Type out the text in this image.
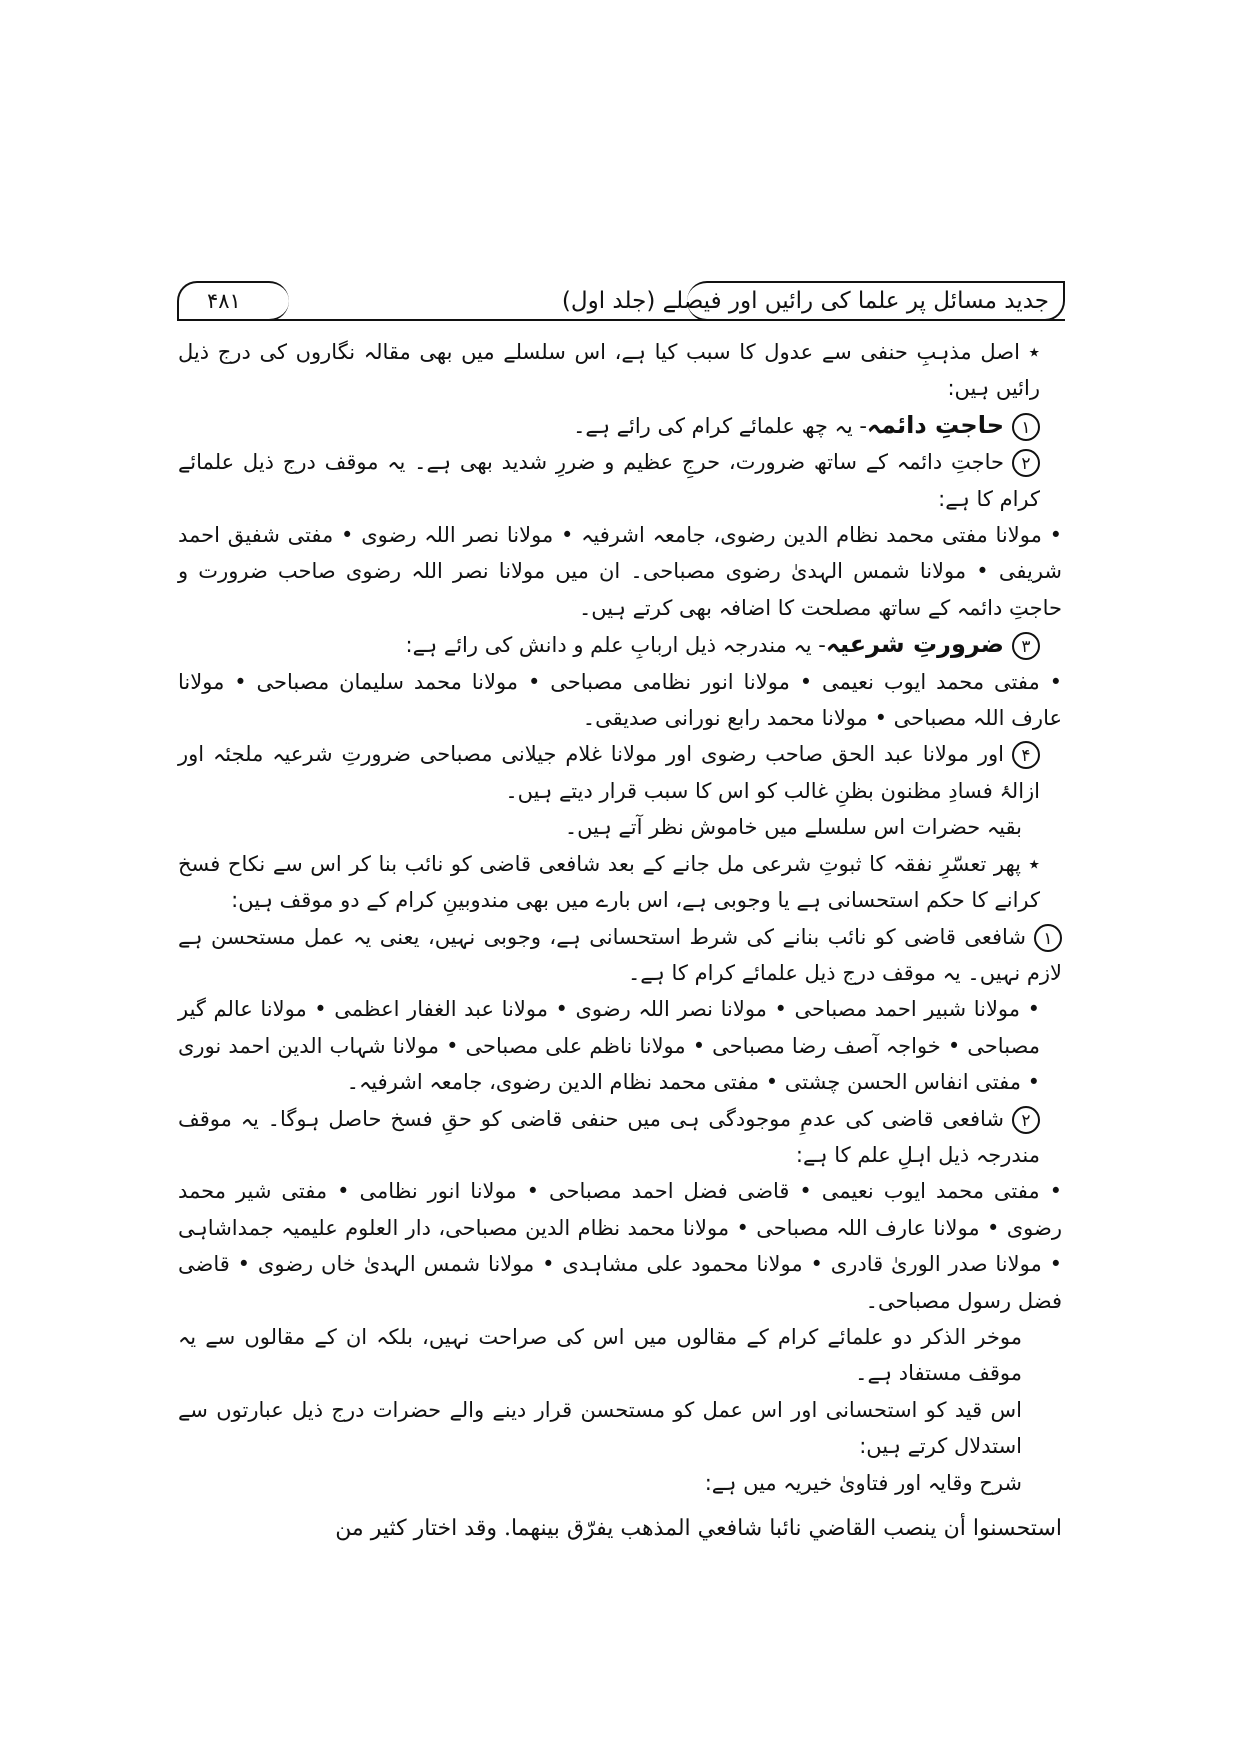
جدید مسائل پر علما کی رائیں اور فیصلے (جلد اول)
۴۸۱

٭ اصل مذہبِ حنفی سے عدول کا سبب کیا ہے، اس سلسلے میں بھی مقالہ نگاروں کی درج ذیل رائیں ہیں:

۱حاجتِ دائمہ- یہ چھ علمائے کرام کی رائے ہے۔

۲حاجتِ دائمہ کے ساتھ ضرورت، حرجِ عظیم و ضررِ شدید بھی ہے۔ یہ موقف درج ذیل علمائے کرام کا ہے:

• مولانا مفتی محمد نظام الدین رضوی، جامعہ اشرفیہ • مولانا نصر اللہ رضوی • مفتی شفیق احمد شریفی • مولانا شمس الہدیٰ رضوی مصباحی۔ ان میں مولانا نصر اللہ رضوی صاحب ضرورت و حاجتِ دائمہ کے ساتھ مصلحت کا اضافہ بھی کرتے ہیں۔

۳ضرورتِ شرعیہ- یہ مندرجہ ذیل اربابِ علم و دانش کی رائے ہے:

• مفتی محمد ایوب نعیمی • مولانا انور نظامی مصباحی • مولانا محمد سلیمان مصباحی • مولانا عارف اللہ مصباحی • مولانا محمد رابع نورانی صدیقی۔

۴اور مولانا عبد الحق صاحب رضوی اور مولانا غلام جیلانی مصباحی ضرورتِ شرعیہ ملجئہ اور ازالۂ فسادِ مظنون بظنِ غالب کو اس کا سبب قرار دیتے ہیں۔

بقیہ حضرات اس سلسلے میں خاموش نظر آتے ہیں۔

٭ پھر تعسّرِ نفقہ کا ثبوتِ شرعی مل جانے کے بعد شافعی قاضی کو نائب بنا کر اس سے نکاح فسخ کرانے کا حکم استحسانی ہے یا وجوبی ہے، اس بارے میں بھی مندوبینِ کرام کے دو موقف ہیں:

۱شافعی قاضی کو نائب بنانے کی شرط استحسانی ہے، وجوبی نہیں، یعنی یہ عمل مستحسن ہے لازم نہیں۔ یہ موقف درج ذیل علمائے کرام کا ہے۔

• مولانا شبیر احمد مصباحی • مولانا نصر اللہ رضوی • مولانا عبد الغفار اعظمی • مولانا عالم گیر مصباحی • خواجہ آصف رضا مصباحی • مولانا ناظم علی مصباحی • مولانا شہاب الدین احمد نوری • مفتی انفاس الحسن چشتی • مفتی محمد نظام الدین رضوی، جامعہ اشرفیہ۔

۲شافعی قاضی کی عدمِ موجودگی ہی میں حنفی قاضی کو حقِ فسخ حاصل ہوگا۔ یہ موقف مندرجہ ذیل اہلِ علم کا ہے:

• مفتی محمد ایوب نعیمی • قاضی فضل احمد مصباحی • مولانا انور نظامی • مفتی شیر محمد رضوی • مولانا عارف اللہ مصباحی • مولانا محمد نظام الدین مصباحی، دار العلوم علیمیہ جمداشاہی • مولانا صدر الوریٰ قادری • مولانا محمود علی مشاہدی • مولانا شمس الہدیٰ خاں رضوی • قاضی فضل رسول مصباحی۔

موخر الذکر دو علمائے کرام کے مقالوں میں اس کی صراحت نہیں، بلکہ ان کے مقالوں سے یہ موقف مستفاد ہے۔

اس قید کو استحسانی اور اس عمل کو مستحسن قرار دینے والے حضرات درج ذیل عبارتوں سے استدلال کرتے ہیں:

شرح وقایہ اور فتاویٰ خیریہ میں ہے:

استحسنوا أن ينصب القاضي نائبا شافعي المذهب يفرّق بينهما. وقد اختار كثير من
